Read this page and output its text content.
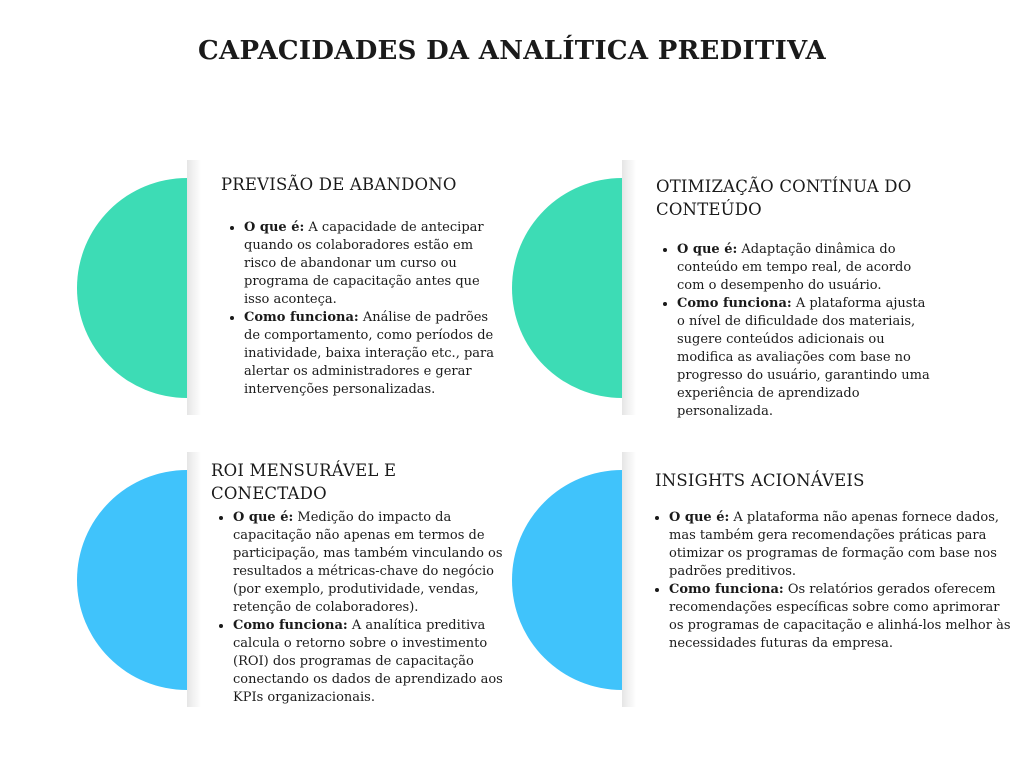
CAPACIDADES DA ANALÍTICA PREDITIVA
PREVISÃO DE ABANDONO
• O que é: A capacidade de antecipar quando os colaboradores estão em risco de abandonar um curso ou programa de capacitação antes que isso aconteça.
• Como funciona: Análise de padrões de comportamento, como períodos de inatividade, baixa interação etc., para alertar os administradores e gerar intervenções personalizadas.
OTIMIZAÇÃO CONTÍNUA DO CONTEÚDO
• O que é: Adaptação dinâmica do conteúdo em tempo real, de acordo com o desempenho do usuário.
• Como funciona: A plataforma ajusta o nível de dificuldade dos materiais, sugere conteúdos adicionais ou modifica as avaliações com base no progresso do usuário, garantindo uma experiência de aprendizado personalizada.
ROI MENSURÁVEL E CONECTADO
• O que é: Medição do impacto da capacitação não apenas em termos de participação, mas também vinculando os resultados a métricas-chave do negócio (por exemplo, produtividade, vendas, retenção de colaboradores).
• Como funciona: A analítica preditiva calcula o retorno sobre o investimento (ROI) dos programas de capacitação conectando os dados de aprendizado aos KPIs organizacionais.
INSIGHTS ACIONÁVEIS
• O que é: A plataforma não apenas fornece dados, mas também gera recomendações práticas para otimizar os programas de formação com base nos padrões preditivos.
• Como funciona: Os relatórios gerados oferecem recomendações específicas sobre como aprimorar os programas de capacitação e alinhá-los melhor às necessidades futuras da empresa.
